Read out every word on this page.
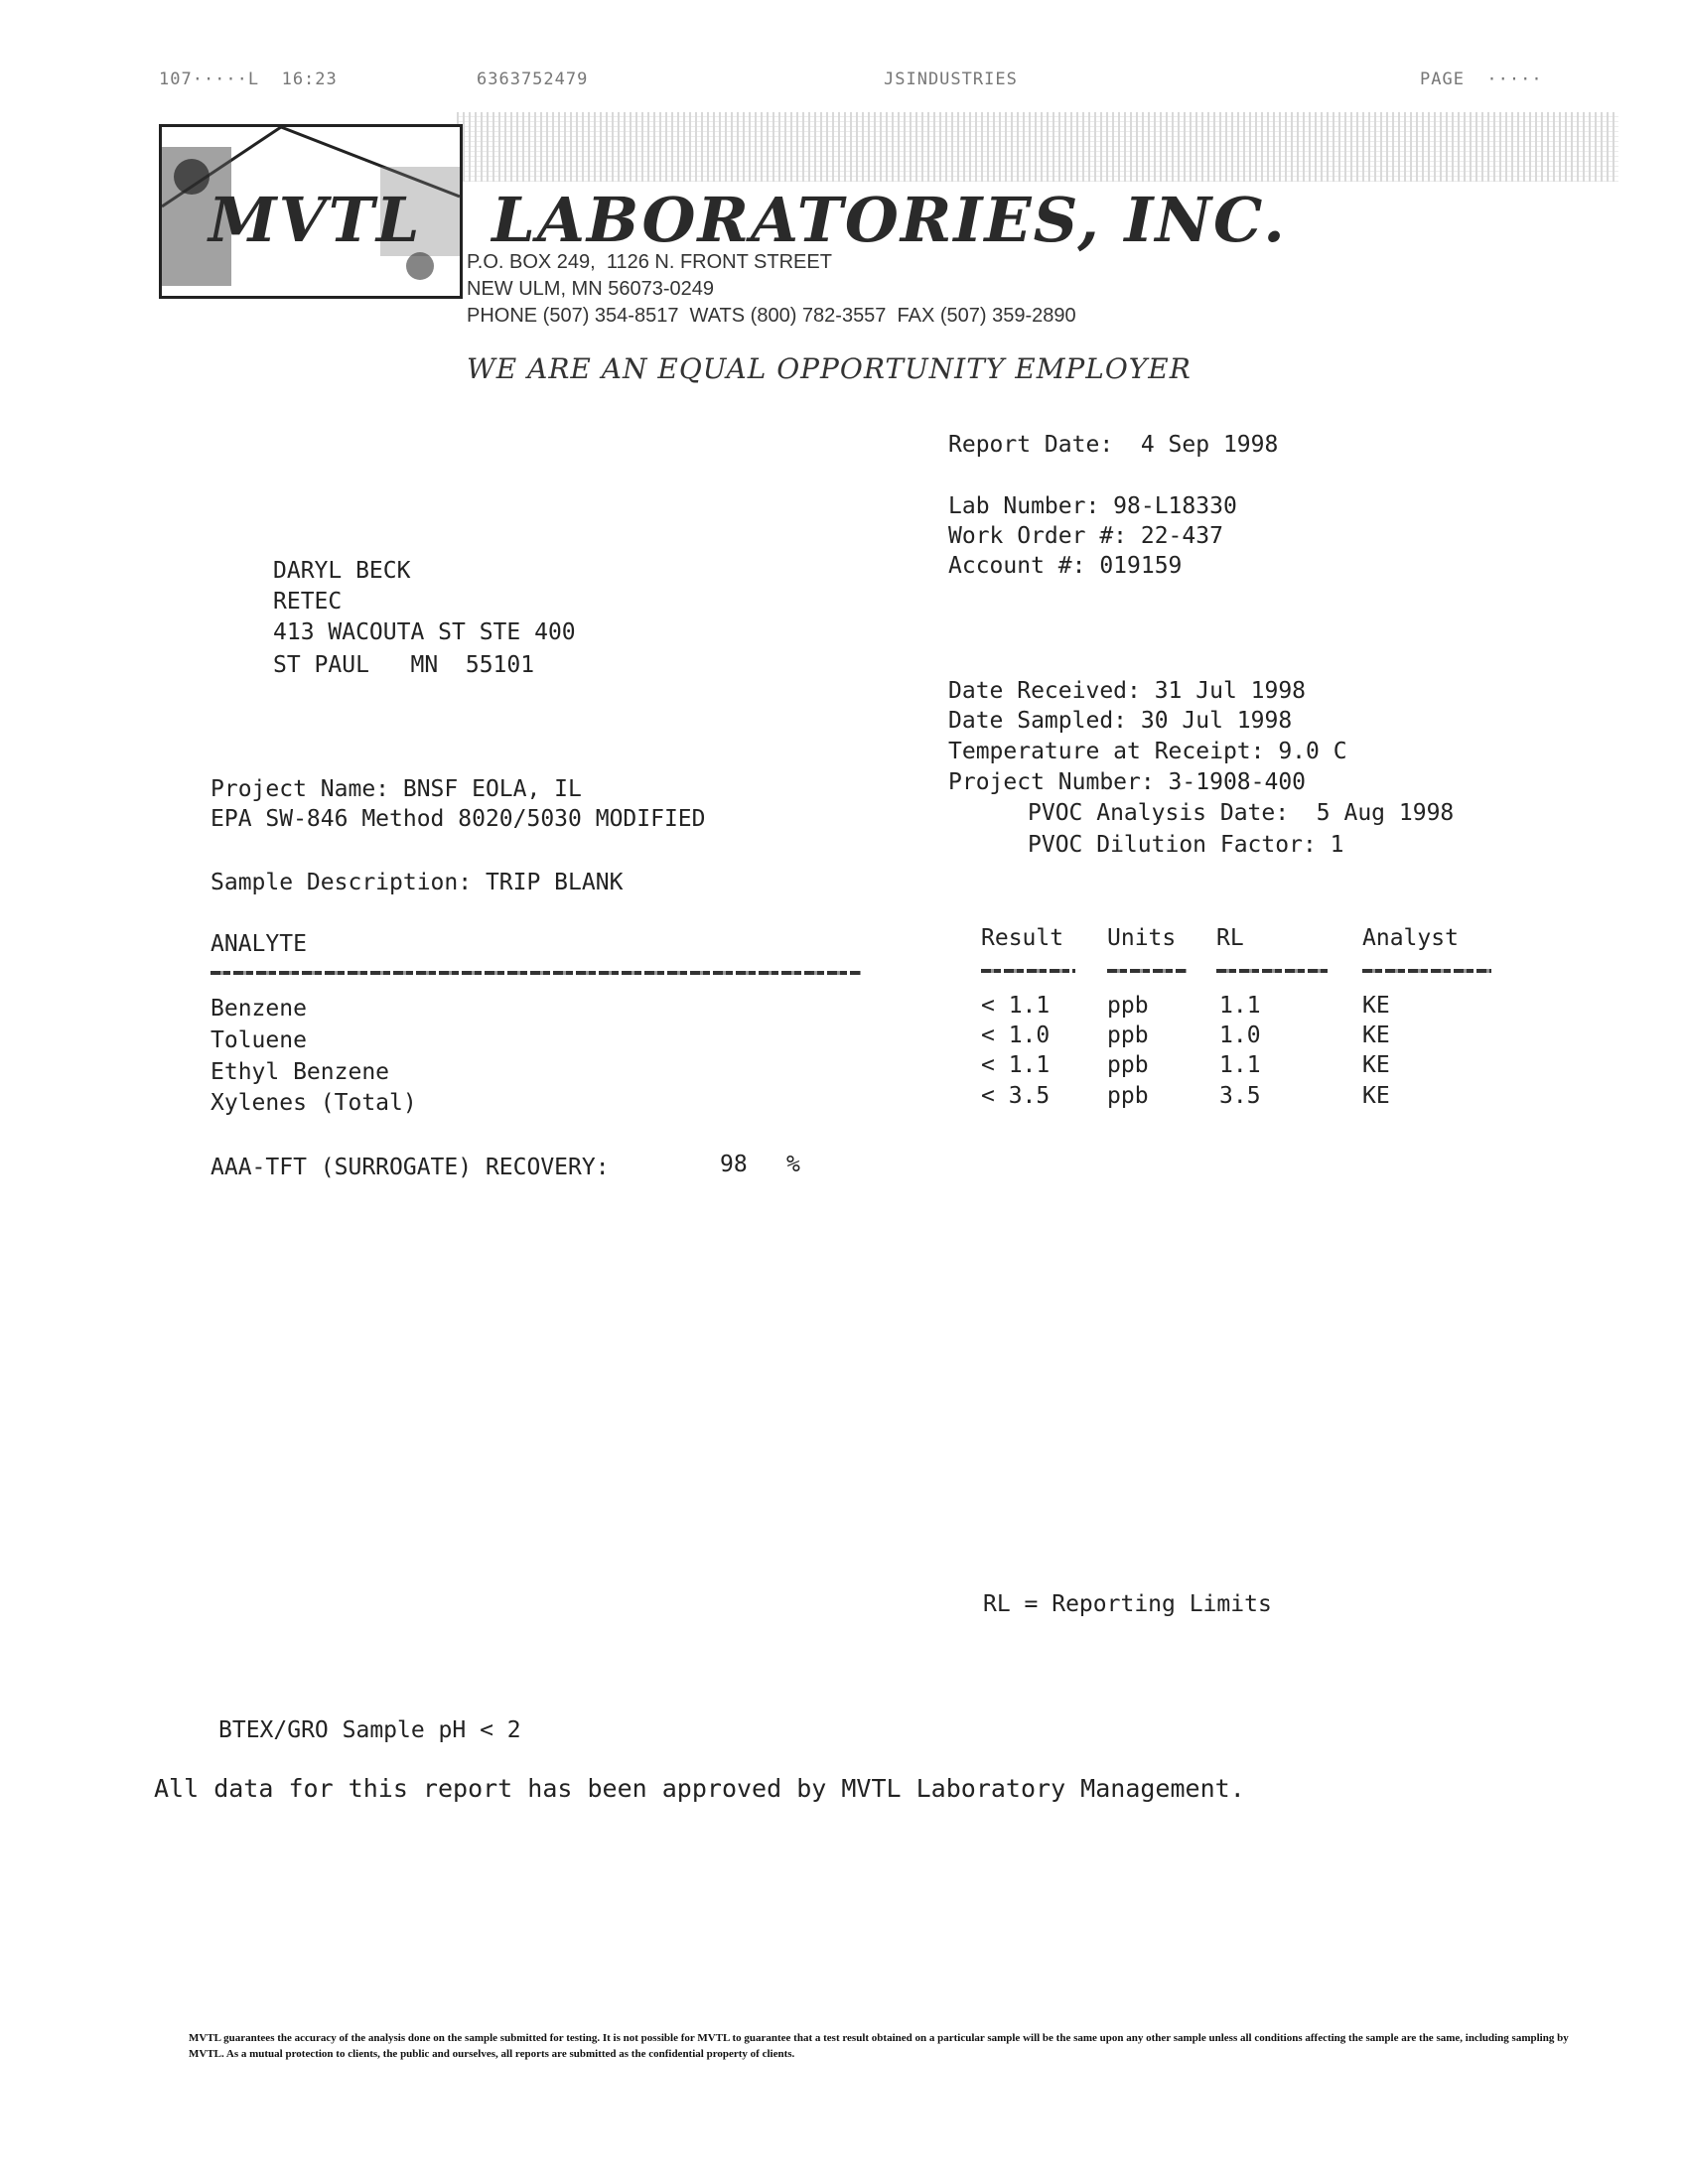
107·····L  16:23

	6363752479

	JSINDUSTRIES

	PAGE  ·····

MVTL   LABORATORIES, INC.

P.O. BOX 249,  1126 N. FRONT STREET

NEW ULM, MN 56073-0249

PHONE (507) 354-8517  WATS (800) 782-3557  FAX (507) 359-2890

WE ARE AN EQUAL OPPORTUNITY EMPLOYER
Report Date:  4 Sep 1998
Lab Number: 98-L18330
Work Order #: 22-437
Account #: 019159
DARYL BECK
RETEC
413 WACOUTA ST STE 400
ST PAUL   MN  55101
Date Received: 31 Jul 1998
Date Sampled: 30 Jul 1998
Temperature at Receipt: 9.0 C
Project Number: 3-1908-400
PVOC Analysis Date:  5 Aug 1998
PVOC Dilution Factor: 1
Project Name: BNSF EOLA, IL
EPA SW-846 Method 8020/5030 MODIFIED
Sample Description: TRIP BLANK
ANALYTE	Result Units RL	Analyst
Benzene	< 1.1	ppb	1.1	KE
Toluene	< 1.0	ppb	1.0	KE
Ethyl Benzene	< 1.1	ppb	1.1	KE
Xylenes (Total)	< 3.5	ppb	3.5	KE
AAA-TFT (SURROGATE) RECOVERY:	98 %
RL = Reporting Limits
BTEX/GRO Sample pH < 2
All data for this report has been approved by MVTL Laboratory Management.
MVTL guarantees the accuracy of the analysis done on the sample submitted for testing. It is not possible for MVTL to guarantee that a test result obtained on a particular sample will be the same upon any other sample unless all conditions affecting the sample are the same, including sampling by MVTL. As a mutual protection to clients, the public and ourselves, all reports are submitted as the confidential property of clients.
